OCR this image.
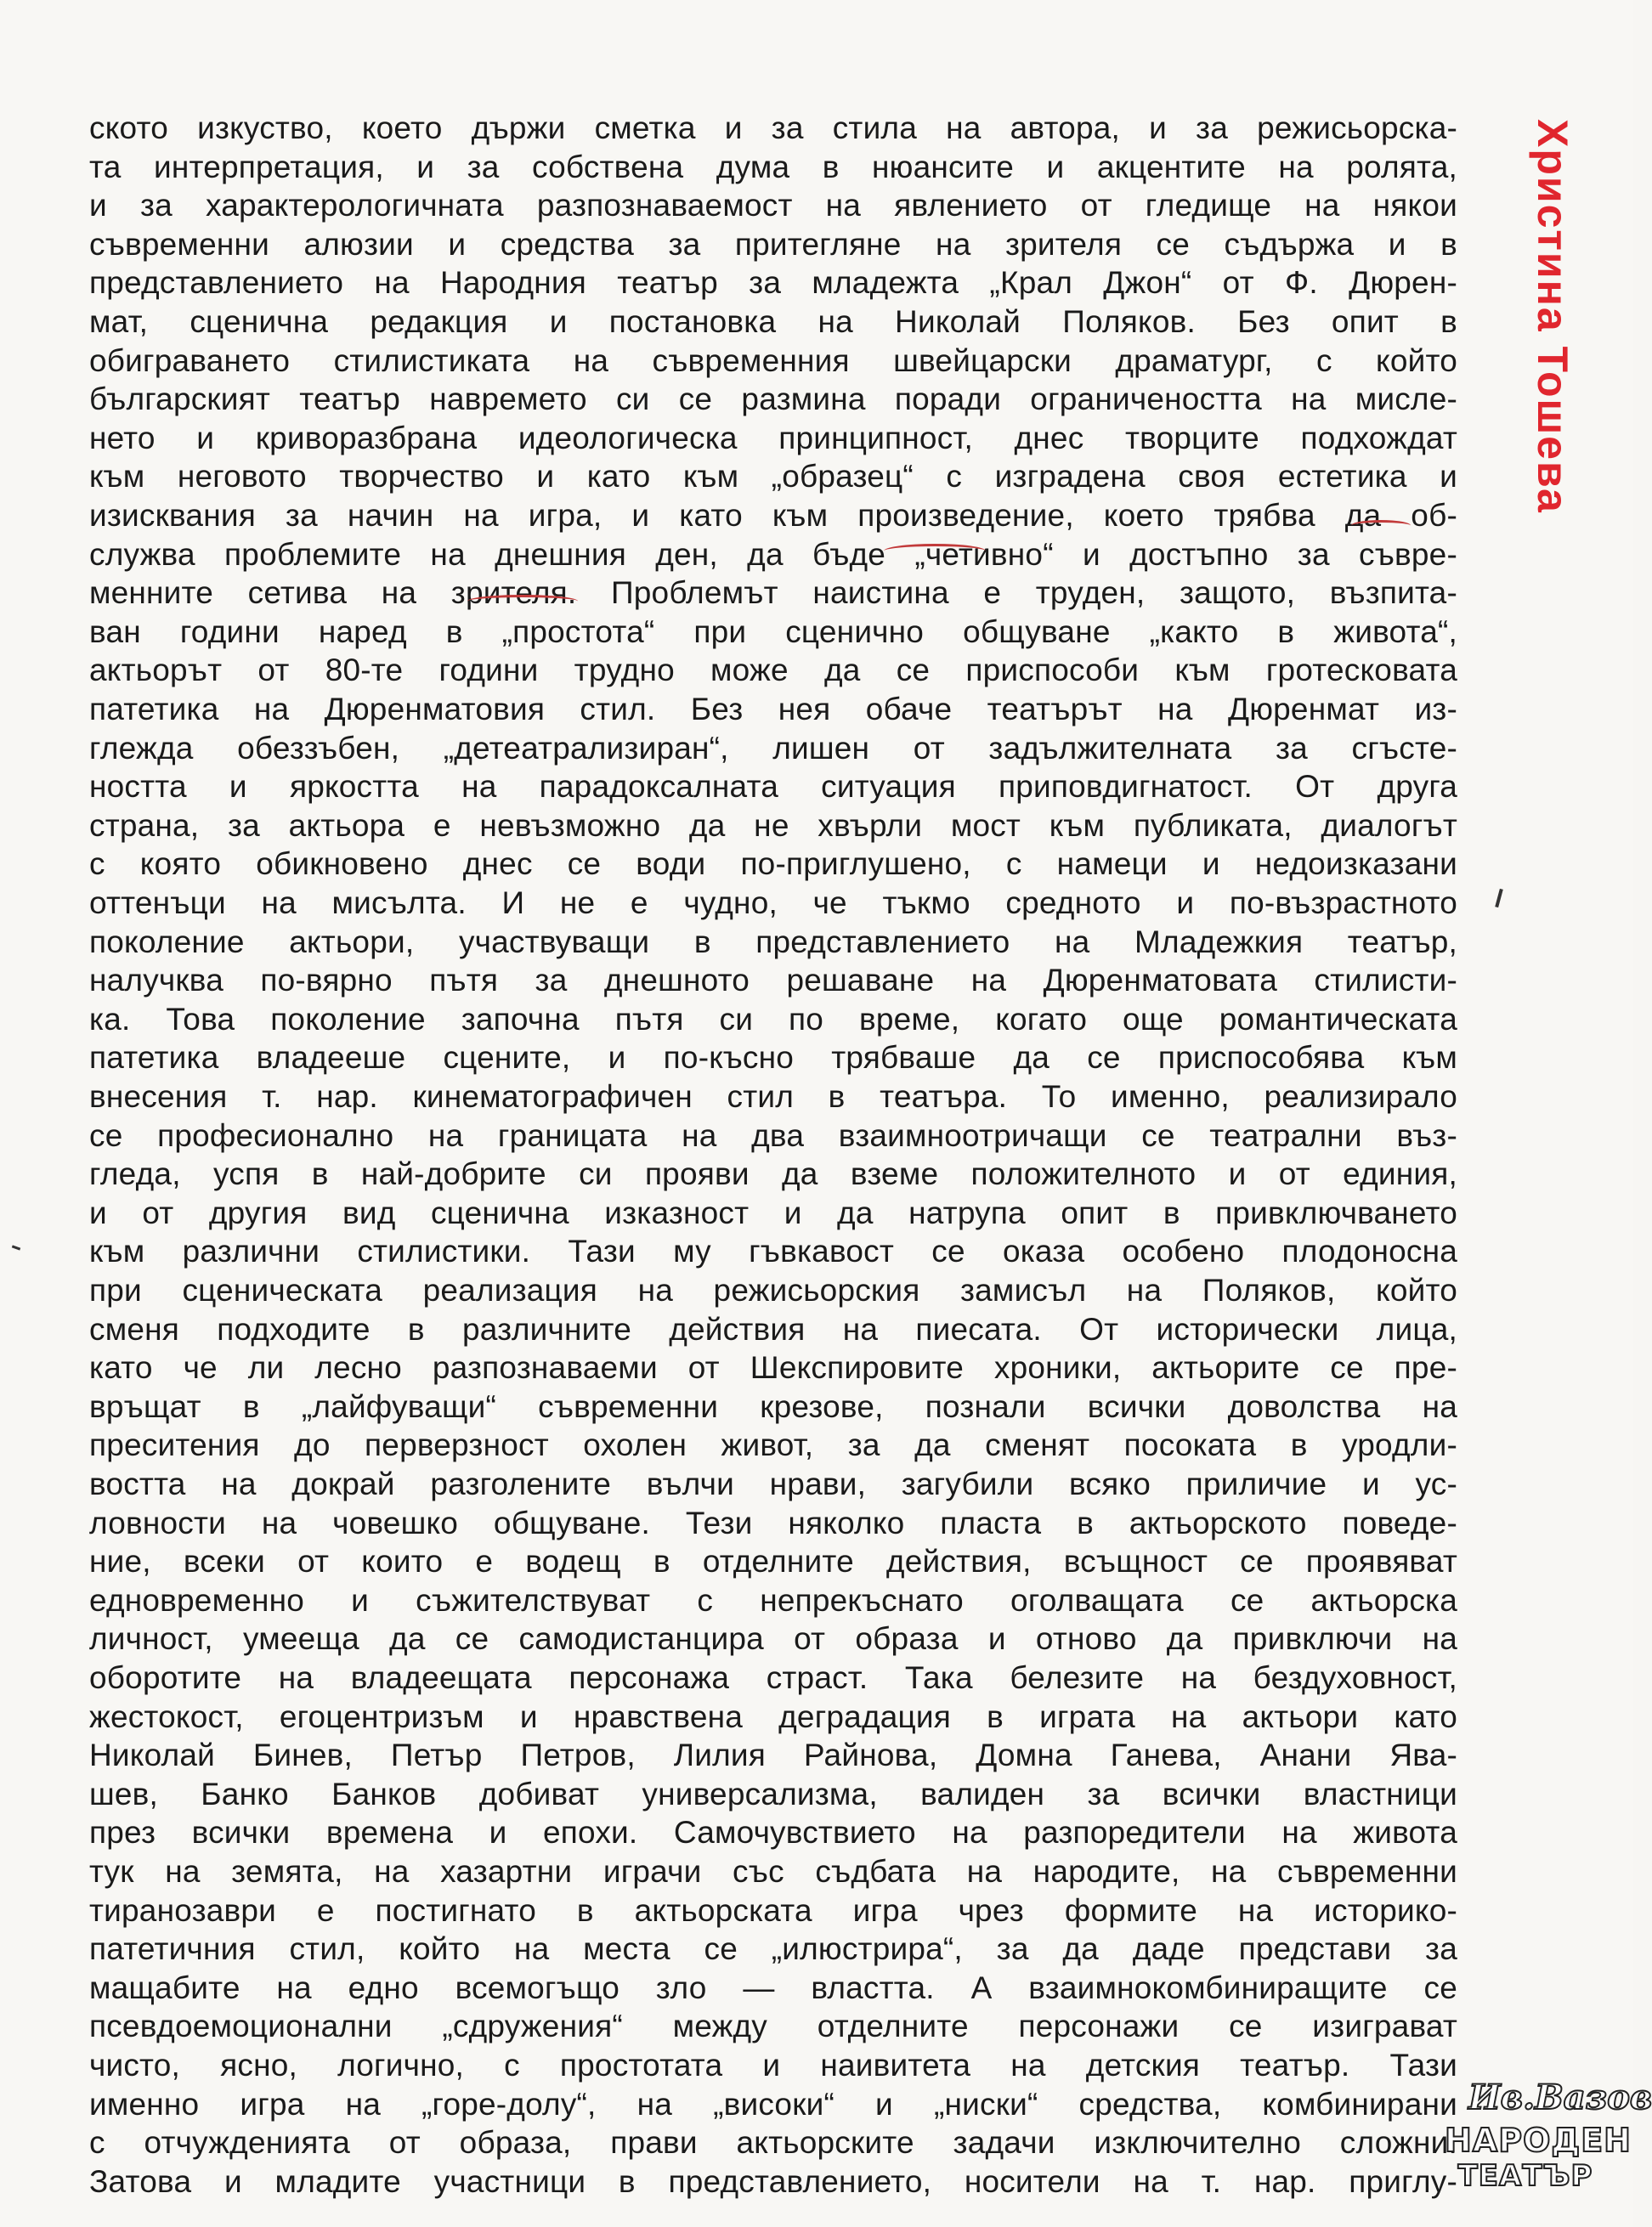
ското изкуство, което държи сметка и за стила на автора, и за режисьорска-
та интерпретация, и за собствена дума в нюансите и акцентите на ролята,
и за характерологичната разпознаваемост на явлението от гледище на някои
съвременни алюзии и средства за притегляне на зрителя се съдържа и в
представлението на Народния театър за младежта „Крал Джон“ от Ф. Дюрен-
мат, сценична редакция и постановка на Николай Поляков. Без опит в
обиграването стилистиката на съвременния швейцарски драматург, с който
българският театър навремето си се размина поради ограничеността на мисле-
нето и криворазбрана идеологическа принципност, днес творците подхождат
към неговото творчество и като към „образец“ с изградена своя естетика и
изисквания за начин на игра, и като към произведение, което трябва да об-
служва проблемите на днешния ден, да бъде „четивно“ и достъпно за съвре-
менните сетива на зрителя. Проблемът наистина е труден, защото, възпита-
ван години наред в „простота“ при сценично общуване „както в живота“,
актьорът от 80-те години трудно може да се приспособи към гротесковата
патетика на Дюренматовия стил. Без нея обаче театърът на Дюренмат из-
глежда обеззъбен, „детеатрализиран“, лишен от задължителната за сгъсте-
ността и яркостта на парадоксалната ситуация приповдигнатост. От друга
страна, за актьора е невъзможно да не хвърли мост към публиката, диалогът
с която обикновено днес се води по-приглушено, с намеци и недоизказани
оттенъци на мисълта. И не е чудно, че тъкмо средното и по-възрастното
поколение актьори, участвуващи в представлението на Младежкия театър,
налучква по-вярно пътя за днешното решаване на Дюренматовата стилисти-
ка. Това поколение започна пътя си по време, когато още романтическата
патетика владееше сцените, и по-късно трябваше да се приспособява към
внесения т. нар. кинематографичен стил в театъра. То именно, реализирало
се професионално на границата на два взаимноотричащи се театрални въз-
гледа, успя в най-добрите си прояви да вземе положителното и от единия,
и от другия вид сценична изказност и да натрупа опит в привключването
към различни стилистики. Тази му гъвкавост се оказа особено плодоносна
при сценическата реализация на режисьорския замисъл на Поляков, който
сменя подходите в различните действия на пиесата. От исторически лица,
като че ли лесно разпознаваеми от Шекспировите хроники, актьорите се пре-
връщат в „лайфуващи“ съвременни крезове, познали всички доволства на
преситения до перверзност охолен живот, за да сменят посоката в уродли-
востта на докрай разголените вълчи нрави, загубили всяко приличие и ус-
ловности на човешко общуване. Тези няколко пласта в актьорското поведе-
ние, всеки от които е водещ в отделните действия, всъщност се проявяват
едновременно и съжителствуват с непрекъснато оголващата се актьорска
личност, умееща да се самодистанцира от образа и отново да привключи на
оборотите на владеещата персонажа страст. Така белезите на бездуховност,
жестокост, егоцентризъм и нравствена деградация в играта на актьори като
Николай Бинев, Петър Петров, Лилия Райнова, Домна Ганева, Анани Ява-
шев, Банко Банков добиват универсализма, валиден за всички властници
през всички времена и епохи. Самочувствието на разпоредители на живота
тук на земята, на хазартни играчи със съдбата на народите, на съвременни
тиранозаври е постигнато в актьорската игра чрез формите на историко-
патетичния стил, който на места се „илюстрира“, за да даде представи за
мащабите на едно всемогъщо зло — властта. А взаимнокомбиниращите се
псевдоемоционални „сдружения“ между отделните персонажи се изиграват
чисто, ясно, логично, с простотата и наивитета на детския театър. Тази
именно игра на „горе-долу“, на „високи“ и „ниски“ средства, комбинирани
с отчужденията от образа, прави актьорските задачи изключително сложни.
Затова и младите участници в представлението, носители на т. нар. приглу-
Христина Тошева
Ив.Вазов
НАРОДЕН
ТЕАТЪР
